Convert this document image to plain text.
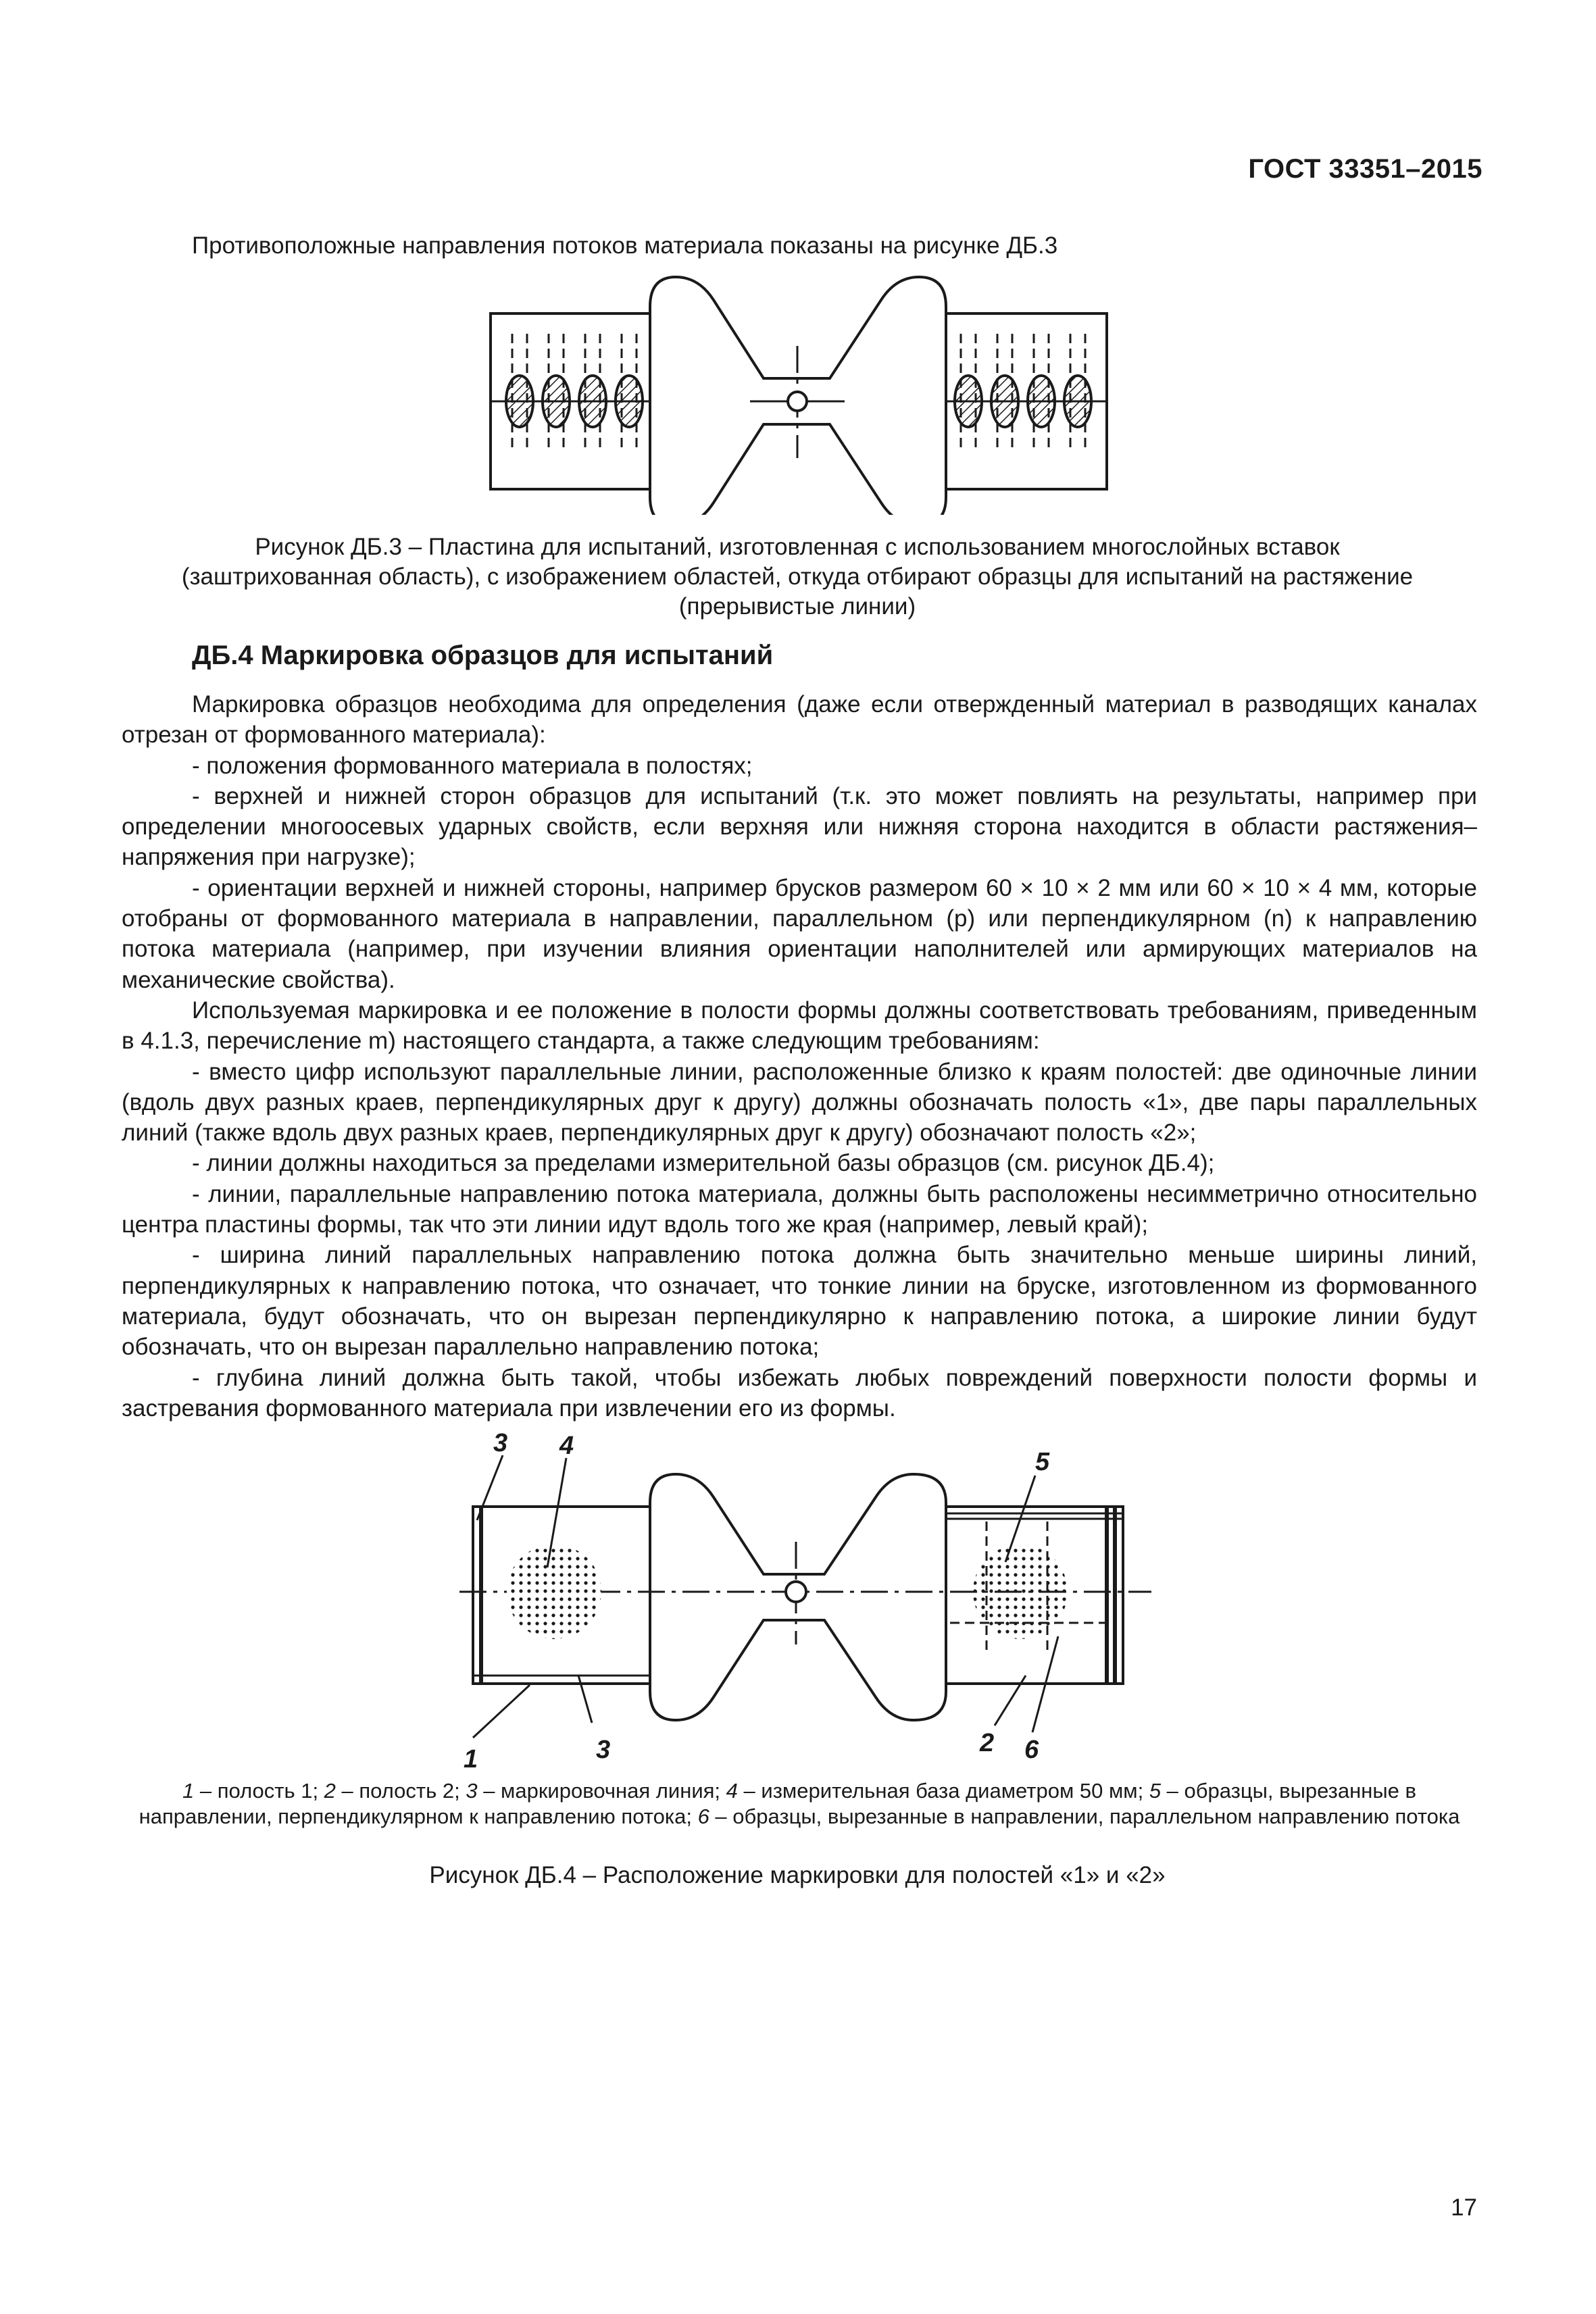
ГОСТ 33351–2015
Противоположные направления потоков материала показаны на рисунке ДБ.3
Рисунок ДБ.3 – Пластина для испытаний, изготовленная с использованием многослойных вставок
(заштрихованная область), с изображением областей, откуда отбирают образцы для испытаний на растяжение
(прерывистые линии)
ДБ.4 Маркировка образцов для испытаний

Маркировка образцов необходима для определения (даже если отвержденный материал в разводящих каналах отрезан от формованного материала):

- положения формованного материала в полостях;

- верхней и нижней сторон образцов для испытаний (т.к. это может повлиять на результаты, например при определении многоосевых ударных свойств, если верхняя или нижняя сторона находится в области растяжения–напряжения при нагрузке);

- ориентации верхней и нижней стороны, например брусков размером 60 × 10 × 2 мм или 60 × 10 × 4 мм, которые отобраны от формованного материала в направлении, параллельном (p) или перпендикулярном (n) к направлению потока материала (например, при изучении влияния ориентации наполнителей или армирующих материалов на механические свойства).

Используемая маркировка и ее положение в полости формы должны соответствовать требованиям, приведенным в 4.1.3, перечисление m) настоящего стандарта, а также следующим требованиям:

- вместо цифр используют параллельные линии, расположенные близко к краям полостей: две одиночные линии (вдоль двух разных краев, перпендикулярных друг к другу) должны обозначать полость «1», две пары параллельных линий (также вдоль двух разных краев, перпендикулярных друг к другу) обозначают полость «2»;

- линии должны находиться за пределами измерительной базы образцов (см. рисунок ДБ.4);

- линии, параллельные направлению потока материала, должны быть расположены несимметрично относительно центра пластины формы, так что эти линии идут вдоль того же края (например, левый край);

- ширина линий параллельных направлению потока должна быть значительно меньше ширины линий, перпендикулярных к направлению потока, что означает, что тонкие линии на бруске, изготовленном из формованного материала, будут обозначать, что он вырезан перпендикулярно к направлению потока, а широкие линии будут обозначать, что он вырезан параллельно направлению потока;

- глубина линий должна быть такой, чтобы избежать любых повреждений поверхности полости формы и застревания формованного материала при извлечении его из формы.

3 4
5
1	3	2 6
1 – полость 1; 2 – полость 2; 3 – маркировочная линия; 4 – измерительная база диаметром 50 мм; 5 – образцы, вырезанные в направлении, перпендикулярном к направлению потока; 6 – образцы, вырезанные в направлении, параллельном направлению потока
Рисунок ДБ.4 – Расположение маркировки для полостей «1» и «2»
17
